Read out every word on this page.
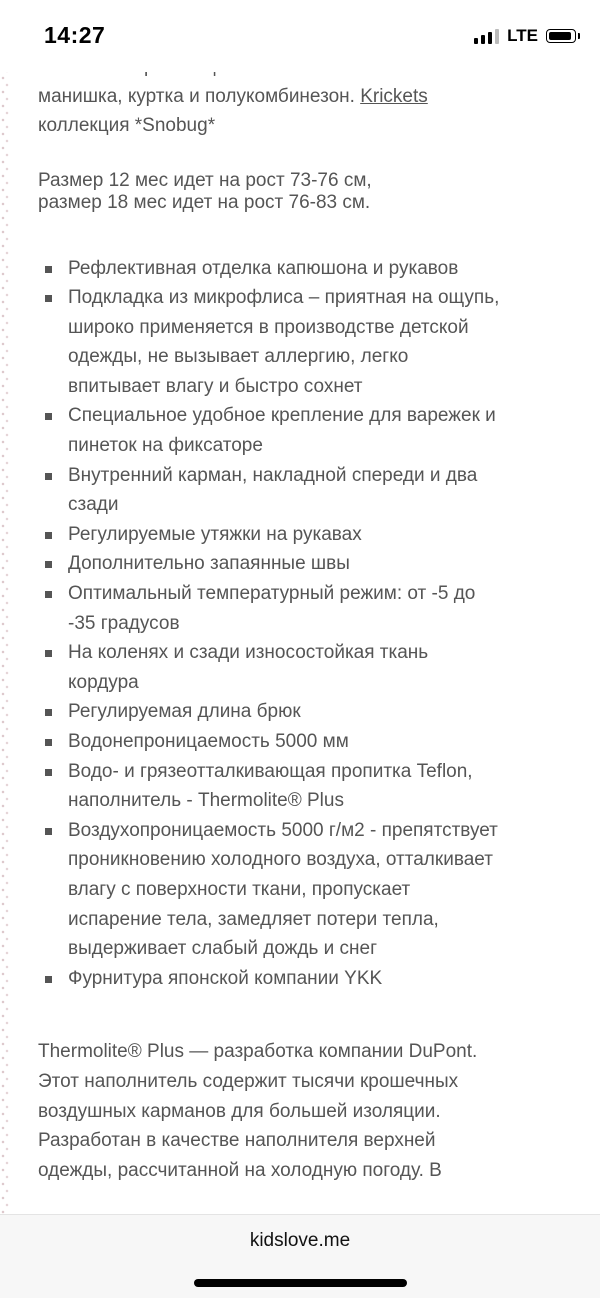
14:27	LTE

манишка, куртка и полукомбинезон. Krickets

коллекция *Snobug*

Размер 12 мес идет на рост 73-76 см,
размер 18 мес идет на рост 76-83 см.
Рефлективная отделка капюшона и рукавов
Подкладка из микрофлиса – приятная на ощупь,
широко применяется в производстве детской
одежды, не вызывает аллергию, легко
впитывает влагу и быстро сохнет
Специальное удобное крепление для варежек и
пинеток на фиксаторе
Внутренний карман, накладной спереди и два
сзади
Регулируемые утяжки на рукавах
Дополнительно запаянные швы
Оптимальный температурный режим: от -5 до
-35 градусов
На коленях и сзади износостойкая ткань
кордура
Регулируемая длина брюк
Водонепроницаемость 5000 мм
Водо- и грязеотталкивающая пропитка Teflon,
наполнитель - Thermolite® Plus
Воздухопроницаемость 5000 г/м2 - препятствует
проникновению холодного воздуха, отталкивает
влагу с поверхности ткани, пропускает
испарение тела, замедляет потери тепла,
выдерживает слабый дождь и снег
Фурнитура японской компании YKK
Thermolite® Plus — разработка компании DuPont.
Этот наполнитель содержит тысячи крошечных
воздушных карманов для большей изоляции.
Разработан в качестве наполнителя верхней
одежды, рассчитанной на холодную погоду. В
kidslove.me
